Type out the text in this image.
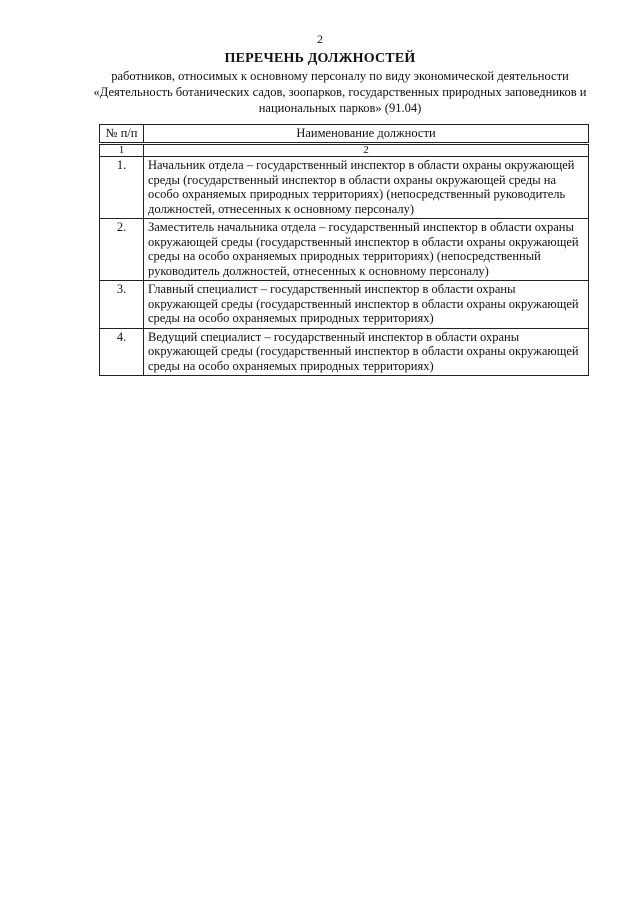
2
ПЕРЕЧЕНЬ ДОЛЖНОСТЕЙ
работников, относимых к основному персоналу по виду экономической деятельности «Деятельность ботанических садов, зоопарков, государственных природных заповедников и национальных парков» (91.04)
№ п/п	Наименование должности
1	2
1.	Начальник отдела – государственный инспектор в области охраны окружающей среды (государственный инспектор в области охраны окружающей среды на особо охраняемых природных территориях) (непосредственный руководитель должностей, отнесенных к основному персоналу)
2.	Заместитель начальника отдела – государственный инспектор в области охраны окружающей среды (государственный инспектор в области охраны окружающей среды на особо охраняемых природных территориях) (непосредственный руководитель должностей, отнесенных к основному персоналу)
3.	Главный специалист – государственный инспектор в области охраны окружающей среды (государственный инспектор в области охраны окружающей среды на особо охраняемых природных территориях)
4.	Ведущий специалист – государственный инспектор в области охраны окружающей среды (государственный инспектор в области охраны окружающей среды на особо охраняемых природных территориях)
